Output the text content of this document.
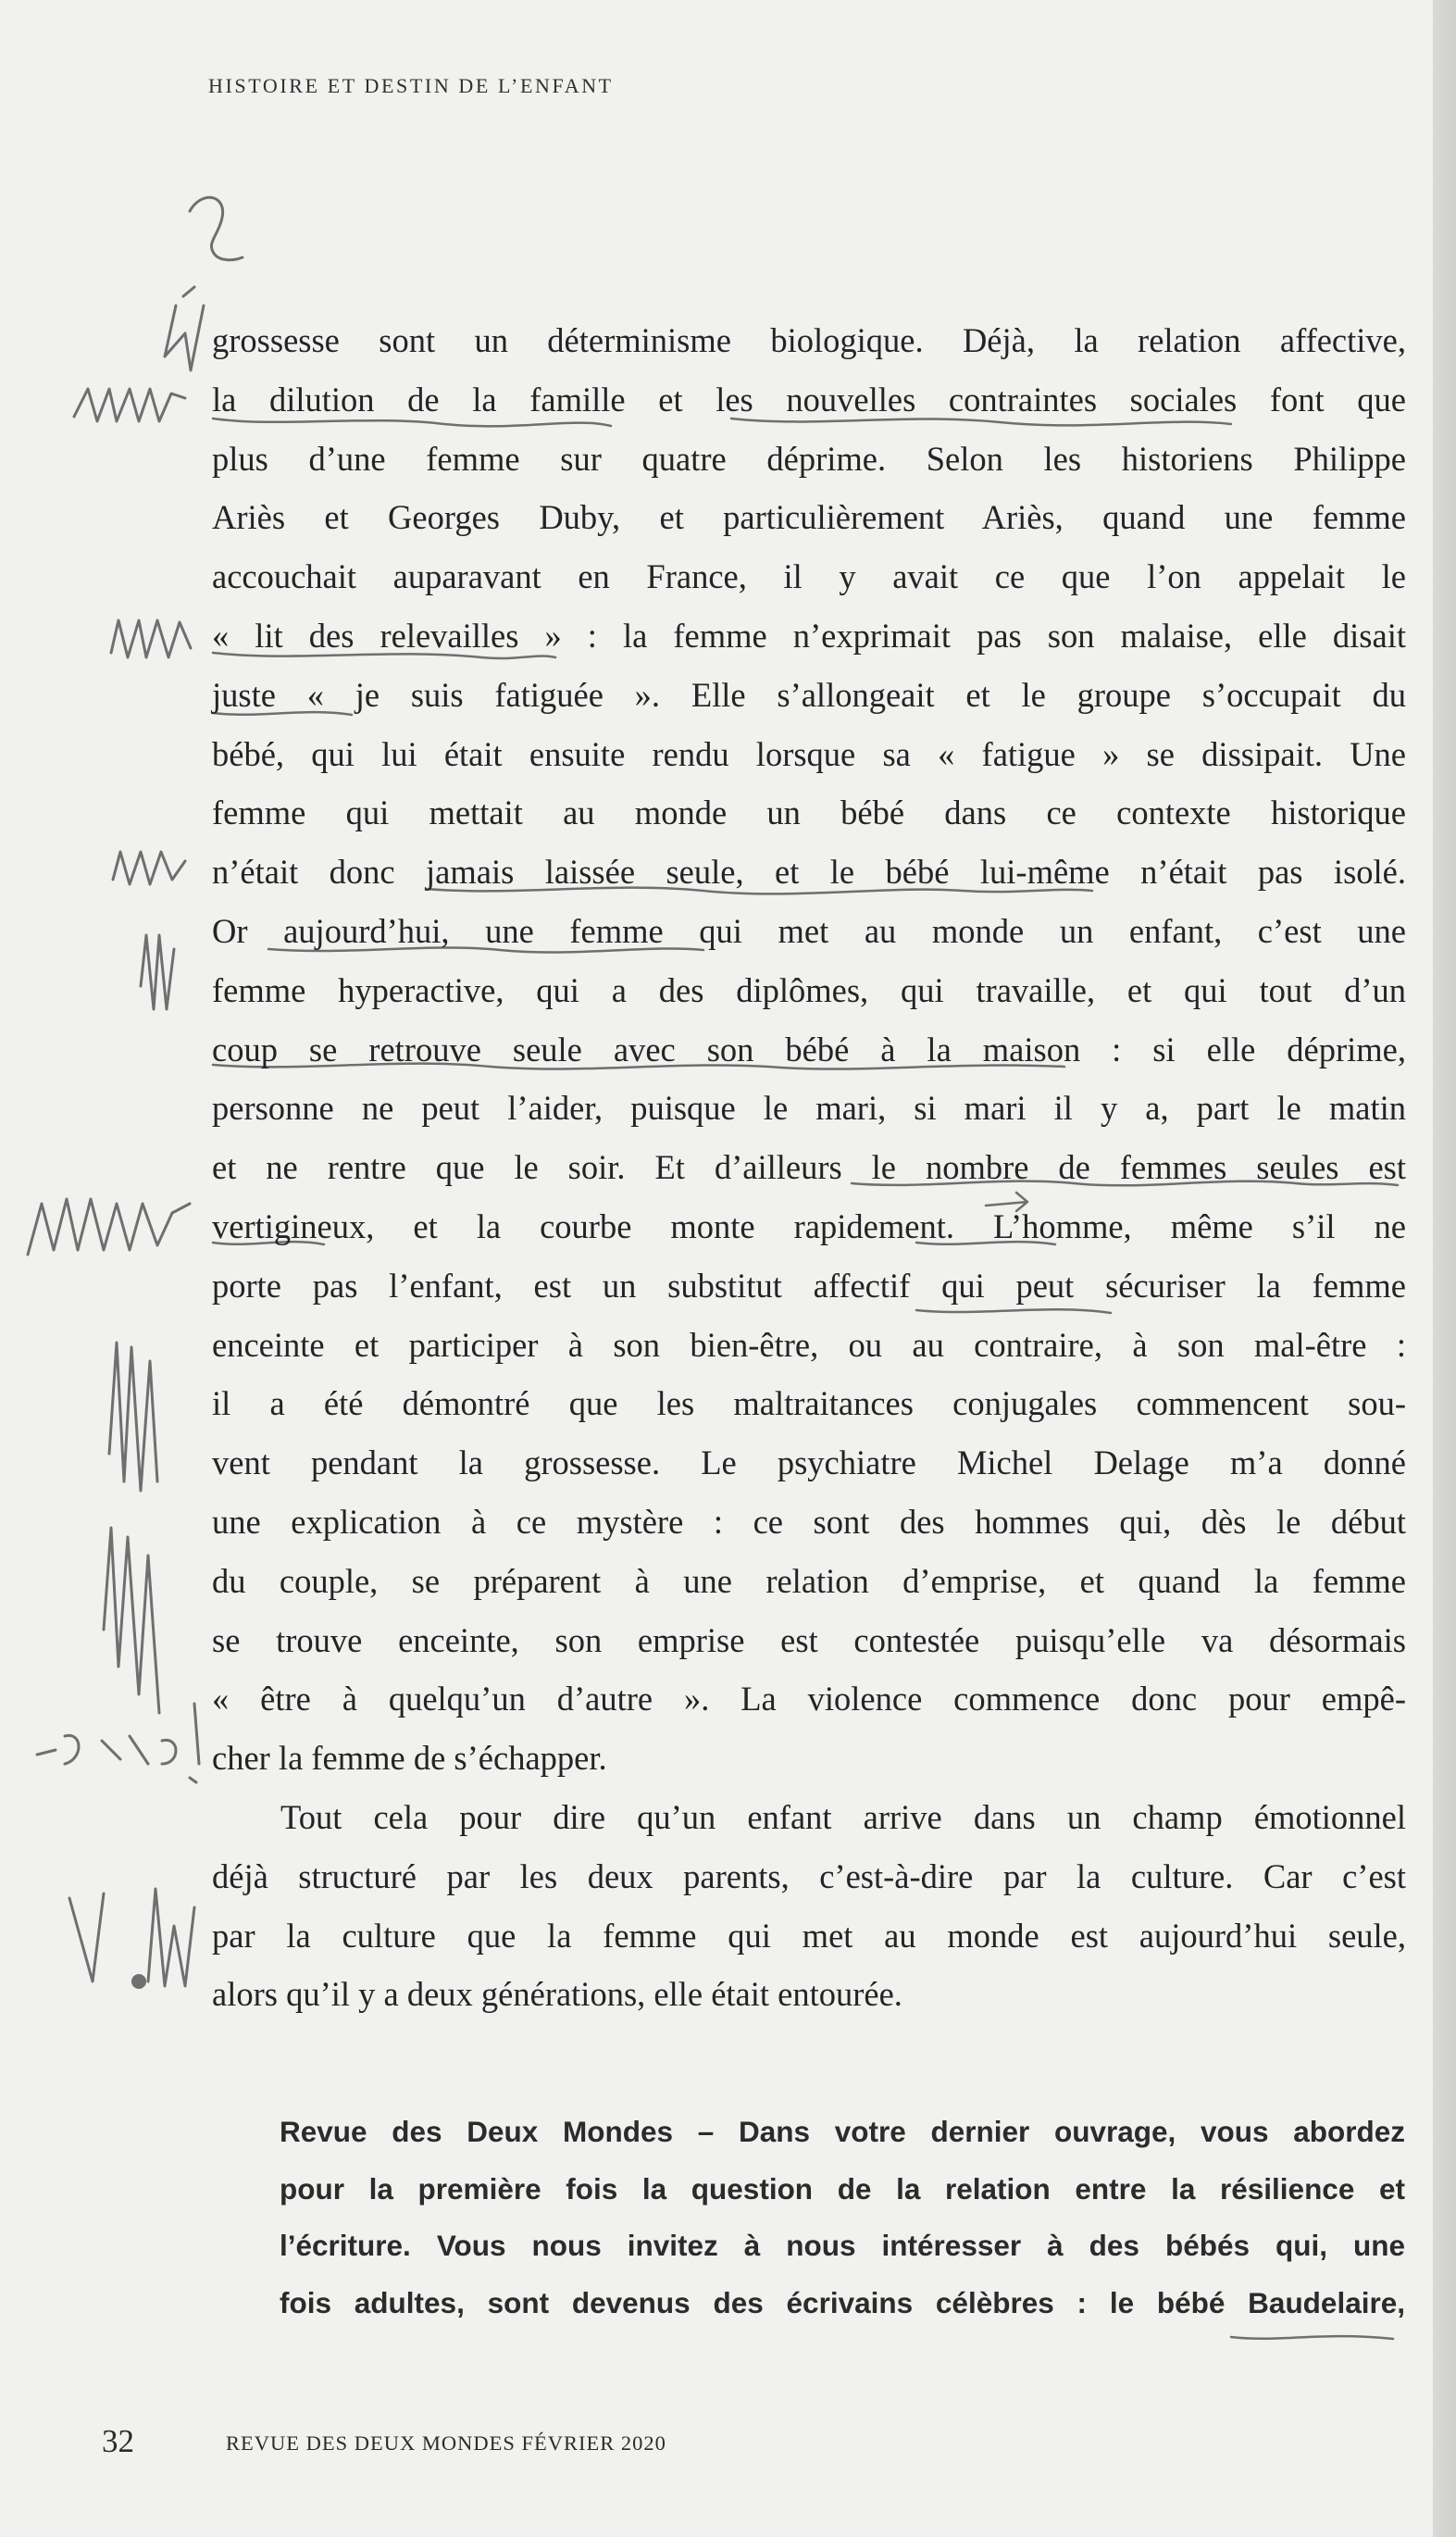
HISTOIRE ET DESTIN DE L’ENFANT
grossesse sont un déterminisme biologique. Déjà, la relation affective,
la dilution de la famille et les nouvelles contraintes sociales font que
plus d’une femme sur quatre déprime. Selon les historiens Philippe
Ariès et Georges Duby, et particulièrement Ariès, quand une femme
accouchait auparavant en France, il y avait ce que l’on appelait le
« lit des relevailles » : la femme n’exprimait pas son malaise, elle disait
juste « je suis fatiguée ». Elle s’allongeait et le groupe s’occupait du
bébé, qui lui était ensuite rendu lorsque sa « fatigue » se dissipait. Une
femme qui mettait au monde un bébé dans ce contexte historique
n’était donc jamais laissée seule, et le bébé lui-même n’était pas isolé.
Or aujourd’hui, une femme qui met au monde un enfant, c’est une
femme hyperactive, qui a des diplômes, qui travaille, et qui tout d’un
coup se retrouve seule avec son bébé à la maison : si elle déprime,
personne ne peut l’aider, puisque le mari, si mari il y a, part le matin
et ne rentre que le soir. Et d’ailleurs le nombre de femmes seules est
vertigineux, et la courbe monte rapidement. L’homme, même s’il ne
porte pas l’enfant, est un substitut affectif qui peut sécuriser la femme
enceinte et participer à son bien-être, ou au contraire, à son mal-être :
il a été démontré que les maltraitances conjugales commencent sou-
vent pendant la grossesse. Le psychiatre Michel Delage m’a donné
une explication à ce mystère : ce sont des hommes qui, dès le début
du couple, se préparent à une relation d’emprise, et quand la femme
se trouve enceinte, son emprise est contestée puisqu’elle va désormais
« être à quelqu’un d’autre ». La violence commence donc pour empê-
cher la femme de s’échapper.
Tout cela pour dire qu’un enfant arrive dans un champ émotionnel
déjà structuré par les deux parents, c’est-à-dire par la culture. Car c’est
par la culture que la femme qui met au monde est aujourd’hui seule,
alors qu’il y a deux générations, elle était entourée.
Revue des Deux Mondes – Dans votre dernier ouvrage, vous abordez
pour la première fois la question de la relation entre la résilience et
l’écriture. Vous nous invitez à nous intéresser à des bébés qui, une
fois adultes, sont devenus des écrivains célèbres : le bébé Baudelaire,
32	REVUE DES DEUX MONDES FÉVRIER 2020
